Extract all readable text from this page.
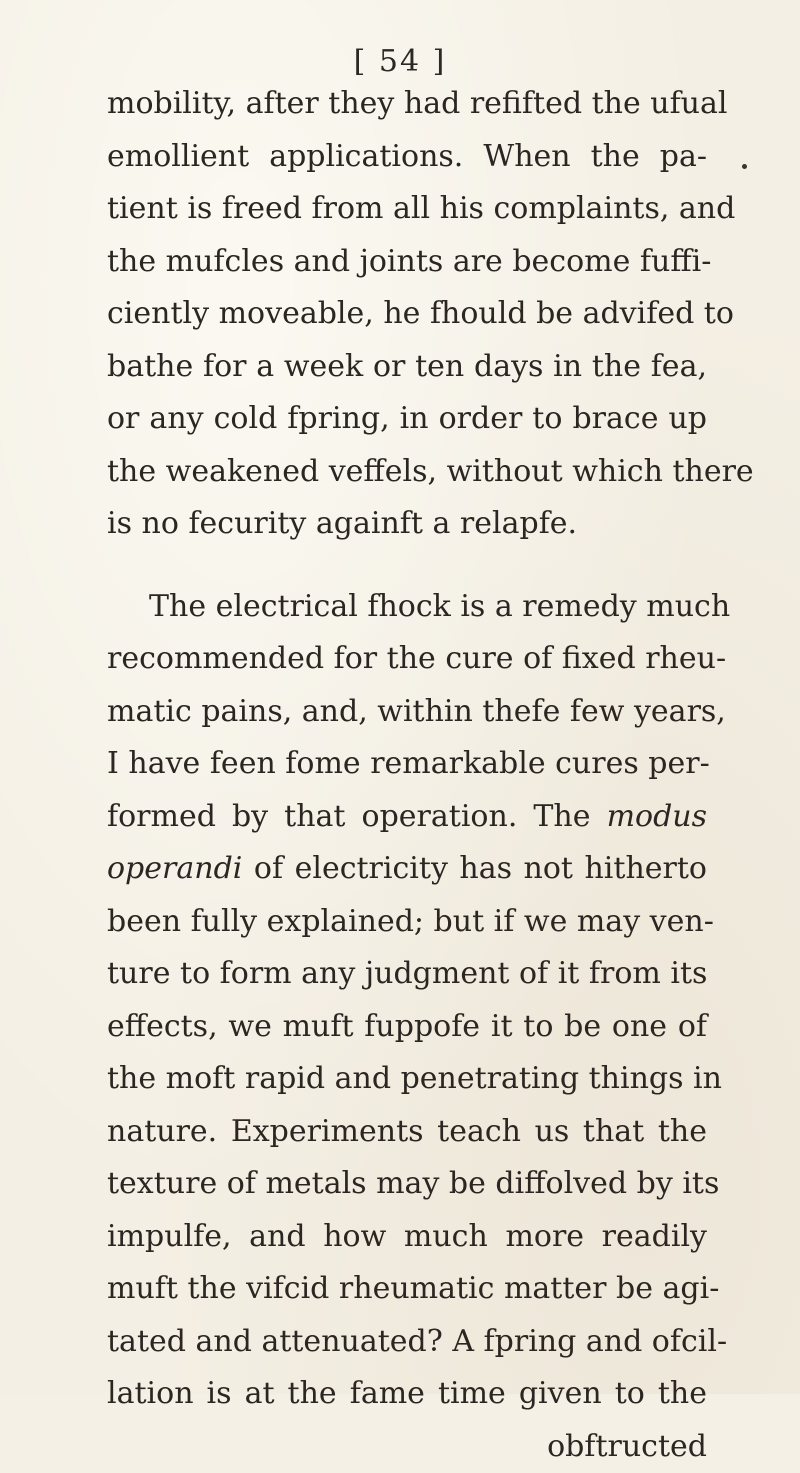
[ 54 ]
mobility, after they had refifted the ufual
emollient applications. When the pa-
tient is freed from all his complaints, and
the mufcles and joints are become fuffi-
ciently moveable, he fhould be advifed to
bathe for a week or ten days in the fea,
or any cold fpring, in order to brace up
the weakened veffels, without which there
is no fecurity againft a relapfe.
The electrical fhock is a remedy much
recommended for the cure of fixed rheu-
matic pains, and, within thefe few years,
I have feen fome remarkable cures per-
formed by that operation. The modus
operandi of electricity has not hitherto
been fully explained; but if we may ven-
ture to form any judgment of it from its
effects, we muft fuppofe it to be one of
the moft rapid and penetrating things in
nature. Experiments teach us that the
texture of metals may be diffolved by its
impulfe, and how much more readily
muft the vifcid rheumatic matter be agi-
tated and attenuated? A fpring and ofcil-
lation is at the fame time given to the
obftructed
